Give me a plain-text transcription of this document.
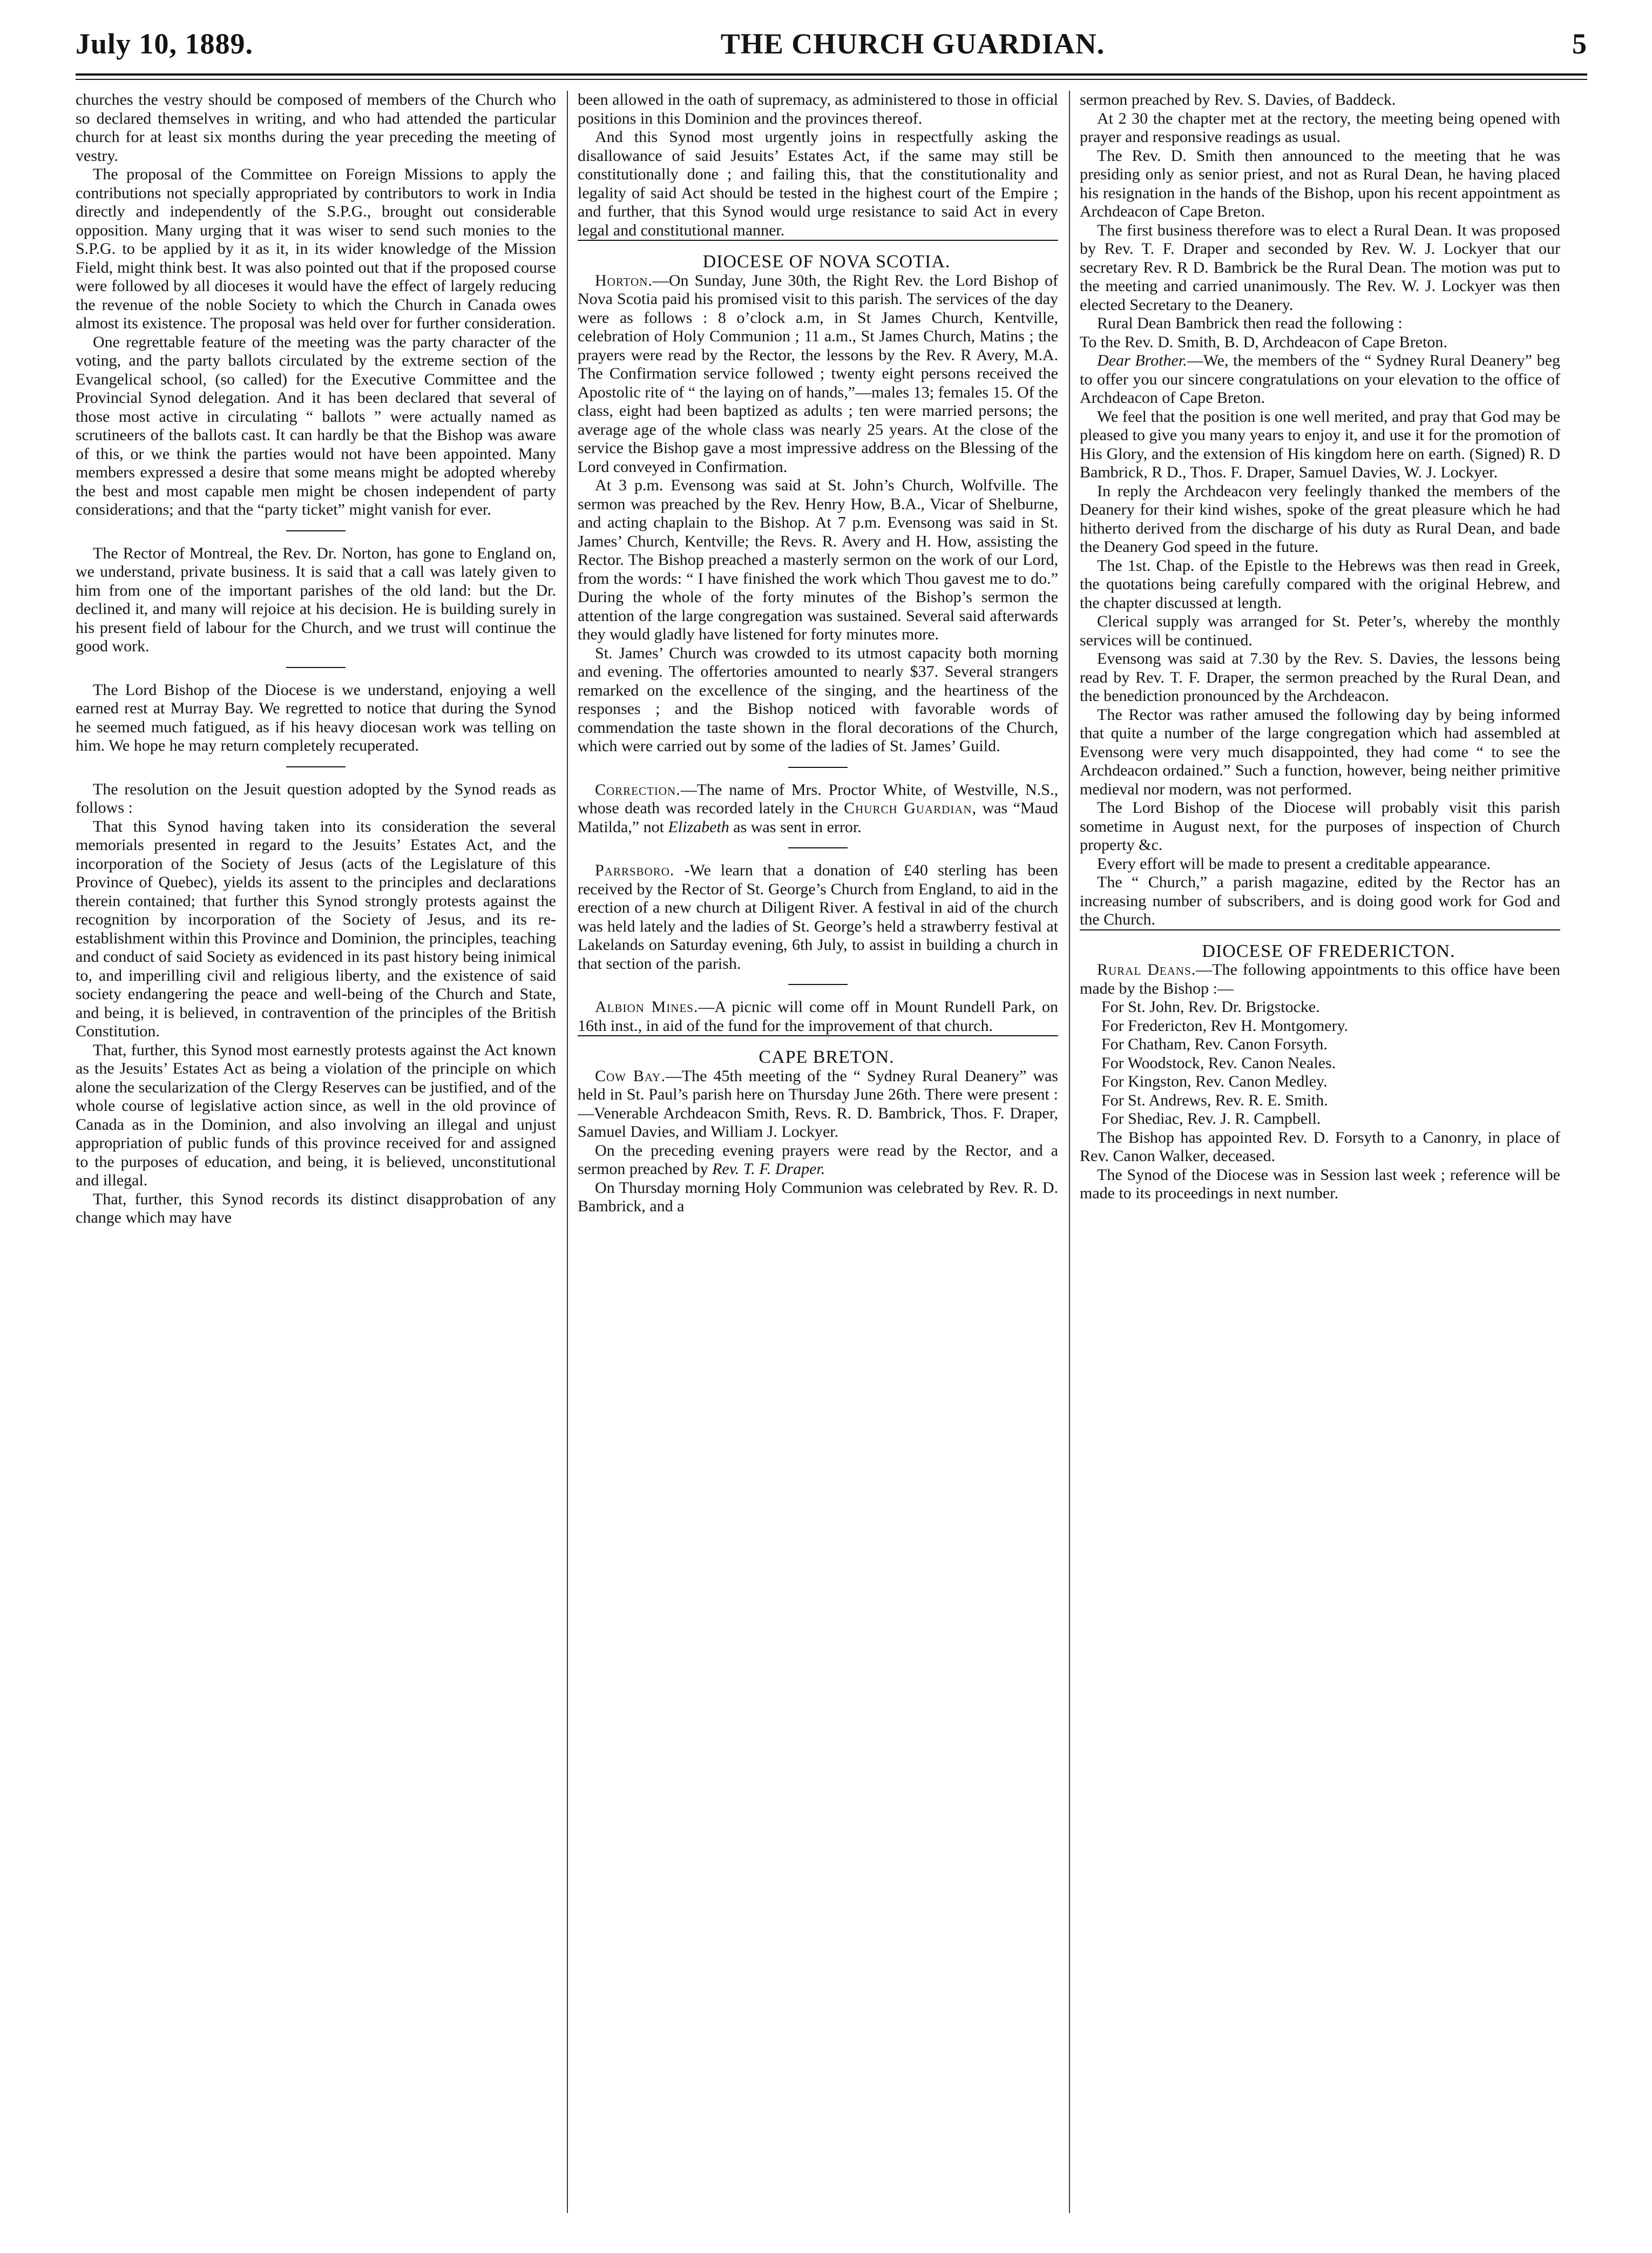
July 10, 1889.	THE CHURCH GUARDIAN.	5

churches the vestry should be composed of members of the Church who so declared themselves in writing, and who had attended the particular church for at least six months during the year preceding the meeting of vestry.

The proposal of the Committee on Foreign Missions to apply the contributions not specially appropriated by contributors to work in India directly and independently of the S.P.G., brought out considerable opposition. Many urging that it was wiser to send such monies to the S.P.G. to be applied by it as it, in its wider knowledge of the Mission Field, might think best. It was also pointed out that if the proposed course were followed by all dioceses it would have the effect of largely reducing the revenue of the noble Society to which the Church in Canada owes almost its existence. The proposal was held over for further consideration.

One regrettable feature of the meeting was the party character of the voting, and the party ballots circulated by the extreme section of the Evangelical school, (so called) for the Executive Committee and the Provincial Synod delegation. And it has been declared that several of those most active in circulating “ ballots ” were actually named as scrutineers of the ballots cast. It can hardly be that the Bishop was aware of this, or we think the parties would not have been appointed. Many members expressed a desire that some means might be adopted whereby the best and most capable men might be chosen independent of party considerations; and that the “party ticket” might vanish for ever.

The Rector of Montreal, the Rev. Dr. Norton, has gone to England on, we understand, private business. It is said that a call was lately given to him from one of the important parishes of the old land: but the Dr. declined it, and many will rejoice at his decision. He is building surely in his present field of labour for the Church, and we trust will continue the good work.

The Lord Bishop of the Diocese is we understand, enjoying a well earned rest at Murray Bay. We regretted to notice that during the Synod he seemed much fatigued, as if his heavy diocesan work was telling on him. We hope he may return completely recuperated.

The resolution on the Jesuit question adopted by the Synod reads as follows :

That this Synod having taken into its consideration the several memorials presented in regard to the Jesuits’ Estates Act, and the incorporation of the Society of Jesus (acts of the Legislature of this Province of Quebec), yields its assent to the principles and declarations therein contained; that further this Synod strongly protests against the recognition by incorporation of the Society of Jesus, and its re-establishment within this Province and Dominion, the principles, teaching and conduct of said Society as evidenced in its past history being inimical to, and imperilling civil and religious liberty, and the existence of said society endangering the peace and well-being of the Church and State, and being, it is believed, in contravention of the principles of the British Constitution.

That, further, this Synod most earnestly protests against the Act known as the Jesuits’ Estates Act as being a violation of the principle on which alone the secularization of the Clergy Reserves can be justified, and of the whole course of legislative action since, as well in the old province of Canada as in the Dominion, and also involving an illegal and unjust appropriation of public funds of this province received for and assigned to the purposes of education, and being, it is believed, unconstitutional and illegal.

That, further, this Synod records its distinct disapprobation of any change which may have

been allowed in the oath of supremacy, as administered to those in official positions in this Dominion and the provinces thereof.

And this Synod most urgently joins in respectfully asking the disallowance of said Jesuits’ Estates Act, if the same may still be constitutionally done ; and failing this, that the constitutionality and legality of said Act should be tested in the highest court of the Empire ; and further, that this Synod would urge resistance to said Act in every legal and constitutional manner.

DIOCESE OF NOVA SCOTIA.

Horton.—On Sunday, June 30th, the Right Rev. the Lord Bishop of Nova Scotia paid his promised visit to this parish. The services of the day were as follows : 8 o’clock a.m, in St James Church, Kentville, celebration of Holy Communion ; 11 a.m., St James Church, Matins ; the prayers were read by the Rector, the lessons by the Rev. R Avery, M.A. The Confirmation service followed ; twenty eight persons received the Apostolic rite of “ the laying on of hands,”—males 13; females 15. Of the class, eight had been baptized as adults ; ten were married persons; the average age of the whole class was nearly 25 years. At the close of the service the Bishop gave a most impressive address on the Blessing of the Lord conveyed in Confirmation.

At 3 p.m. Evensong was said at St. John’s Church, Wolfville. The sermon was preached by the Rev. Henry How, B.A., Vicar of Shelburne, and acting chaplain to the Bishop. At 7 p.m. Evensong was said in St. James’ Church, Kentville; the Revs. R. Avery and H. How, assisting the Rector. The Bishop preached a masterly sermon on the work of our Lord, from the words: “ I have finished the work which Thou gavest me to do.” During the whole of the forty minutes of the Bishop’s sermon the attention of the large congregation was sustained. Several said afterwards they would gladly have listened for forty minutes more.

St. James’ Church was crowded to its utmost capacity both morning and evening. The offertories amounted to nearly $37. Several strangers remarked on the excellence of the singing, and the heartiness of the responses ; and the Bishop noticed with favorable words of commendation the taste shown in the floral decorations of the Church, which were carried out by some of the ladies of St. James’ Guild.

Correction.—The name of Mrs. Proctor White, of Westville, N.S., whose death was recorded lately in the Church Guardian, was “Maud Matilda,” not Elizabeth as was sent in error.

Parrsboro. -We learn that a donation of £40 sterling has been received by the Rector of St. George’s Church from England, to aid in the erection of a new church at Diligent River. A festival in aid of the church was held lately and the ladies of St. George’s held a strawberry festival at Lakelands on Saturday evening, 6th July, to assist in building a church in that section of the parish.

Albion Mines.—A picnic will come off in Mount Rundell Park, on 16th inst., in aid of the fund for the improvement of that church.

CAPE BRETON.

Cow Bay.—The 45th meeting of the “ Sydney Rural Deanery” was held in St. Paul’s parish here on Thursday June 26th. There were present :—Venerable Archdeacon Smith, Revs. R. D. Bambrick, Thos. F. Draper, Samuel Davies, and William J. Lockyer.

On the preceding evening prayers were read by the Rector, and a sermon preached by Rev. T. F. Draper.

On Thursday morning Holy Communion was celebrated by Rev. R. D. Bambrick, and a

sermon preached by Rev. S. Davies, of Baddeck.

At 2 30 the chapter met at the rectory, the meeting being opened with prayer and responsive readings as usual.

The Rev. D. Smith then announced to the meeting that he was presiding only as senior priest, and not as Rural Dean, he having placed his resignation in the hands of the Bishop, upon his recent appointment as Archdeacon of Cape Breton.

The first business therefore was to elect a Rural Dean. It was proposed by Rev. T. F. Draper and seconded by Rev. W. J. Lockyer that our secretary Rev. R D. Bambrick be the Rural Dean. The motion was put to the meeting and carried unanimously. The Rev. W. J. Lockyer was then elected Secretary to the Deanery.

Rural Dean Bambrick then read the following :

To the Rev. D. Smith, B. D, Archdeacon of Cape Breton.

Dear Brother.—We, the members of the “ Sydney Rural Deanery” beg to offer you our sincere congratulations on your elevation to the office of Archdeacon of Cape Breton.

We feel that the position is one well merited, and pray that God may be pleased to give you many years to enjoy it, and use it for the promotion of His Glory, and the extension of His kingdom here on earth. (Signed) R. D Bambrick, R D., Thos. F. Draper, Samuel Davies, W. J. Lockyer.

In reply the Archdeacon very feelingly thanked the members of the Deanery for their kind wishes, spoke of the great pleasure which he had hitherto derived from the discharge of his duty as Rural Dean, and bade the Deanery God speed in the future.

The 1st. Chap. of the Epistle to the Hebrews was then read in Greek, the quotations being carefully compared with the original Hebrew, and the chapter discussed at length.

Clerical supply was arranged for St. Peter’s, whereby the monthly services will be continued.

Evensong was said at 7.30 by the Rev. S. Davies, the lessons being read by Rev. T. F. Draper, the sermon preached by the Rural Dean, and the benediction pronounced by the Archdeacon.

The Rector was rather amused the following day by being informed that quite a number of the large congregation which had assembled at Evensong were very much disappointed, they had come “ to see the Archdeacon ordained.” Such a function, however, being neither primitive medieval nor modern, was not performed.

The Lord Bishop of the Diocese will probably visit this parish sometime in August next, for the purposes of inspection of Church property &c.

Every effort will be made to present a creditable appearance.

The “ Church,” a parish magazine, edited by the Rector has an increasing number of subscribers, and is doing good work for God and the Church.

DIOCESE OF FREDERICTON.

Rural Deans.—The following appointments to this office have been made by the Bishop :—

For St. John, Rev. Dr. Brigstocke.

For Fredericton, Rev H. Montgomery.

For Chatham, Rev. Canon Forsyth.

For Woodstock, Rev. Canon Neales.

For Kingston, Rev. Canon Medley.

For St. Andrews, Rev. R. E. Smith.

For Shediac, Rev. J. R. Campbell.

The Bishop has appointed Rev. D. Forsyth to a Canonry, in place of Rev. Canon Walker, deceased.

The Synod of the Diocese was in Session last week ; reference will be made to its proceedings in next number.
